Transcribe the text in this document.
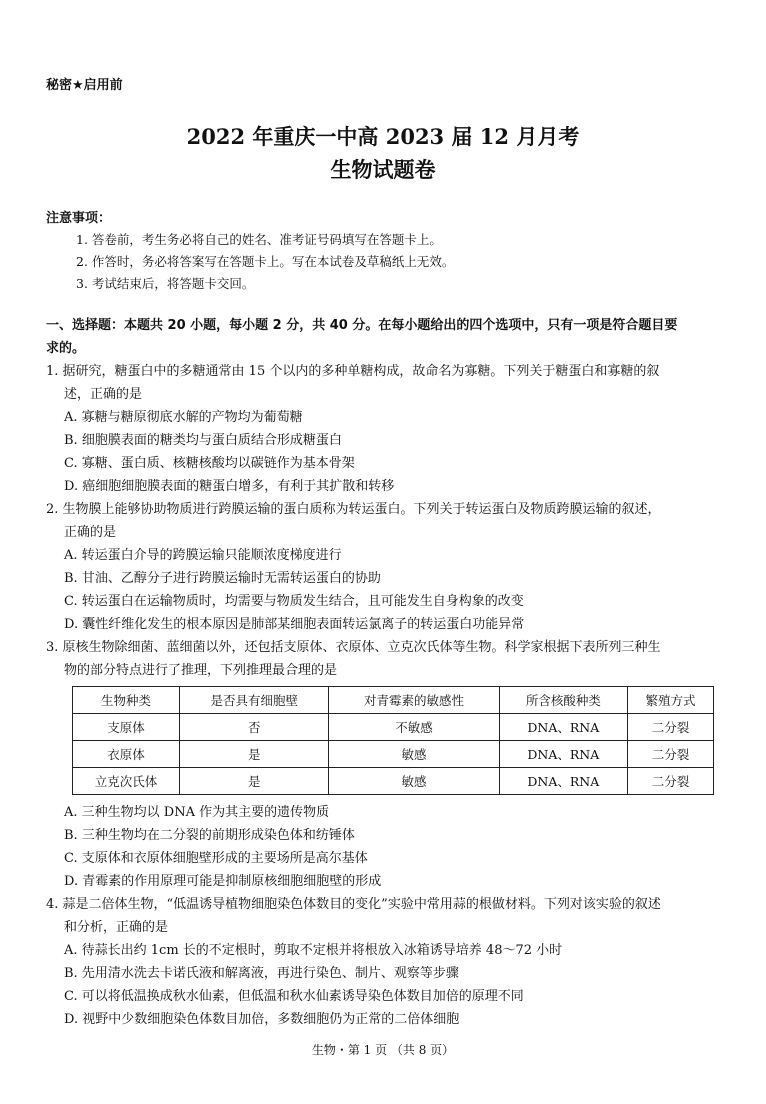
秘密★启用前
2022 年重庆一中高 2023 届 12 月月考
生物试题卷
注意事项：
1. 答卷前，考生务必将自己的姓名、准考证号码填写在答题卡上。
2. 作答时，务必将答案写在答题卡上。写在本试卷及草稿纸上无效。
3. 考试结束后，将答题卡交回。
一、选择题：本题共 20 小题，每小题 2 分，共 40 分。在每小题给出的四个选项中，只有一项是符合题目要
求的。
1. 据研究，糖蛋白中的多糖通常由 15 个以内的多种单糖构成，故命名为寡糖。下列关于糖蛋白和寡糖的叙
述，正确的是
A. 寡糖与糖原彻底水解的产物均为葡萄糖
B. 细胞膜表面的糖类均与蛋白质结合形成糖蛋白
C. 寡糖、蛋白质、核糖核酸均以碳链作为基本骨架
D. 癌细胞细胞膜表面的糖蛋白增多，有利于其扩散和转移
2. 生物膜上能够协助物质进行跨膜运输的蛋白质称为转运蛋白。下列关于转运蛋白及物质跨膜运输的叙述，
正确的是
A. 转运蛋白介导的跨膜运输只能顺浓度梯度进行
B. 甘油、乙醇分子进行跨膜运输时无需转运蛋白的协助
C. 转运蛋白在运输物质时，均需要与物质发生结合，且可能发生自身构象的改变
D. 囊性纤维化发生的根本原因是肺部某细胞表面转运氯离子的转运蛋白功能异常
3. 原核生物除细菌、蓝细菌以外，还包括支原体、衣原体、立克次氏体等生物。科学家根据下表所列三种生
物的部分特点进行了推理，下列推理最合理的是
生物种类	是否具有细胞壁	对青霉素的敏感性	所含核酸种类	繁殖方式
支原体	否	不敏感	DNA、RNA	二分裂
衣原体	是	敏感	DNA、RNA	二分裂
立克次氏体	是	敏感	DNA、RNA	二分裂
A. 三种生物均以 DNA 作为其主要的遗传物质
B. 三种生物均在二分裂的前期形成染色体和纺锤体
C. 支原体和衣原体细胞壁形成的主要场所是高尔基体
D. 青霉素的作用原理可能是抑制原核细胞细胞壁的形成
4. 蒜是二倍体生物，“低温诱导植物细胞染色体数目的变化”实验中常用蒜的根做材料。下列对该实验的叙述
和分析，正确的是
A. 待蒜长出约 1cm 长的不定根时，剪取不定根并将根放入冰箱诱导培养 48～72 小时
B. 先用清水洗去卡诺氏液和解离液，再进行染色、制片、观察等步骤
C. 可以将低温换成秋水仙素，但低温和秋水仙素诱导染色体数目加倍的原理不同
D. 视野中少数细胞染色体数目加倍，多数细胞仍为正常的二倍体细胞
生物・第 1 页 （共 8 页）
